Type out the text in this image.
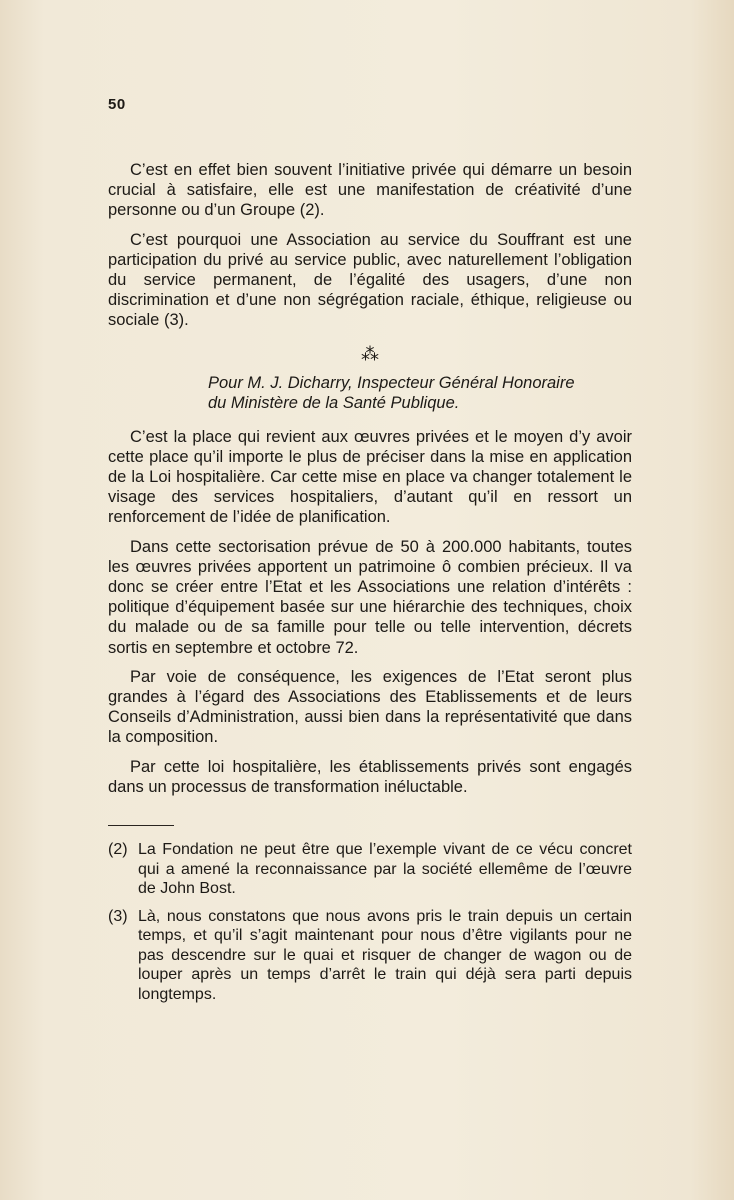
50

C’est en effet bien souvent l’initiative privée qui démarre un besoin crucial à satisfaire, elle est une manifestation de créativité d’une personne ou d’un Groupe (2).

C’est pourquoi une Association au service du Souffrant est une participation du privé au service public, avec naturellement l’obligation du service permanent, de l’égalité des usagers, d’une non discrimination et d’une non ségrégation raciale, éthique, religieuse ou sociale (3).

⁂
Pour M. J. Dicharry, Inspecteur Général Honoraire
du Ministère de la Santé Publique.

C’est la place qui revient aux œuvres privées et le moyen d’y avoir cette place qu’il importe le plus de préciser dans la mise en application de la Loi hospitalière. Car cette mise en place va changer totalement le visage des services hospitaliers, d’autant qu’il en ressort un renforcement de l’idée de planification.

Dans cette sectorisation prévue de 50 à 200.000 habitants, toutes les œuvres privées apportent un patrimoine ô combien précieux. Il va donc se créer entre l’Etat et les Associations une relation d’intérêts : politique d’équipement basée sur une hiérarchie des techniques, choix du malade ou de sa famille pour telle ou telle intervention, décrets sortis en septembre et octobre 72.

Par voie de conséquence, les exigences de l’Etat seront plus grandes à l’égard des Associations des Etablissements et de leurs Conseils d’Administration, aussi bien dans la représentativité que dans la composition.

Par cette loi hospitalière, les établissements privés sont engagés dans un processus de transformation inéluctable.

(2) La Fondation ne peut être que l’exemple vivant de ce vécu concret qui a amené la reconnaissance par la société ellemême de l’œuvre de John Bost.
(3) Là, nous constatons que nous avons pris le train depuis un certain temps, et qu’il s’agit maintenant pour nous d’être vigilants pour ne pas descendre sur le quai et risquer de changer de wagon ou de louper après un temps d’arrêt le train qui déjà sera parti depuis longtemps.
